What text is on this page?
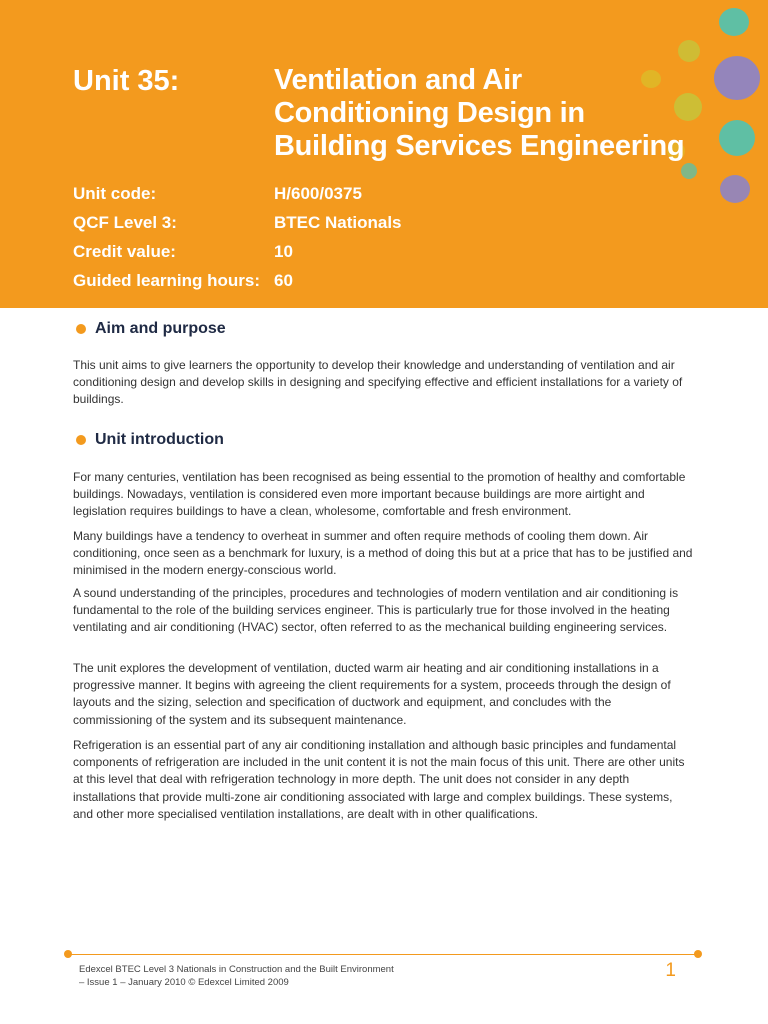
Unit 35:	Ventilation and Air
Conditioning Design in
Building Services Engineering
Unit code:	H/600/0375
QCF Level 3:	BTEC Nationals
Credit value:	10
Guided learning hours: 60
Aim and purpose

This unit aims to give learners the opportunity to develop their knowledge and understanding of ventilation and air conditioning design and develop skills in designing and specifying effective and efficient installations for a variety of buildings.

Unit introduction

For many centuries, ventilation has been recognised as being essential to the promotion of healthy and comfortable buildings. Nowadays, ventilation is considered even more important because buildings are more airtight and legislation requires buildings to have a clean, wholesome, comfortable and fresh environment.

Many buildings have a tendency to overheat in summer and often require methods of cooling them down. Air conditioning, once seen as a benchmark for luxury, is a method of doing this but at a price that has to be justified and minimised in the modern energy-conscious world.

A sound understanding of the principles, procedures and technologies of modern ventilation and air conditioning is fundamental to the role of the building services engineer. This is particularly true for those involved in the heating ventilating and air conditioning (HVAC) sector, often referred to as the mechanical building engineering services.

The unit explores the development of ventilation, ducted warm air heating and air conditioning installations in a progressive manner. It begins with agreeing the client requirements for a system, proceeds through the design of layouts and the sizing, selection and specification of ductwork and equipment, and concludes with the commissioning of the system and its subsequent maintenance.

Refrigeration is an essential part of any air conditioning installation and although basic principles and fundamental components of refrigeration are included in the unit content it is not the main focus of this unit. There are other units at this level that deal with refrigeration technology in more depth. The unit does not consider in any depth installations that provide multi-zone air conditioning associated with large and complex buildings. These systems, and other more specialised ventilation installations, are dealt with in other qualifications.

Edexcel BTEC Level 3 Nationals in Construction and the Built Environment
– Issue 1 – January 2010 © Edexcel Limited 2009
1
